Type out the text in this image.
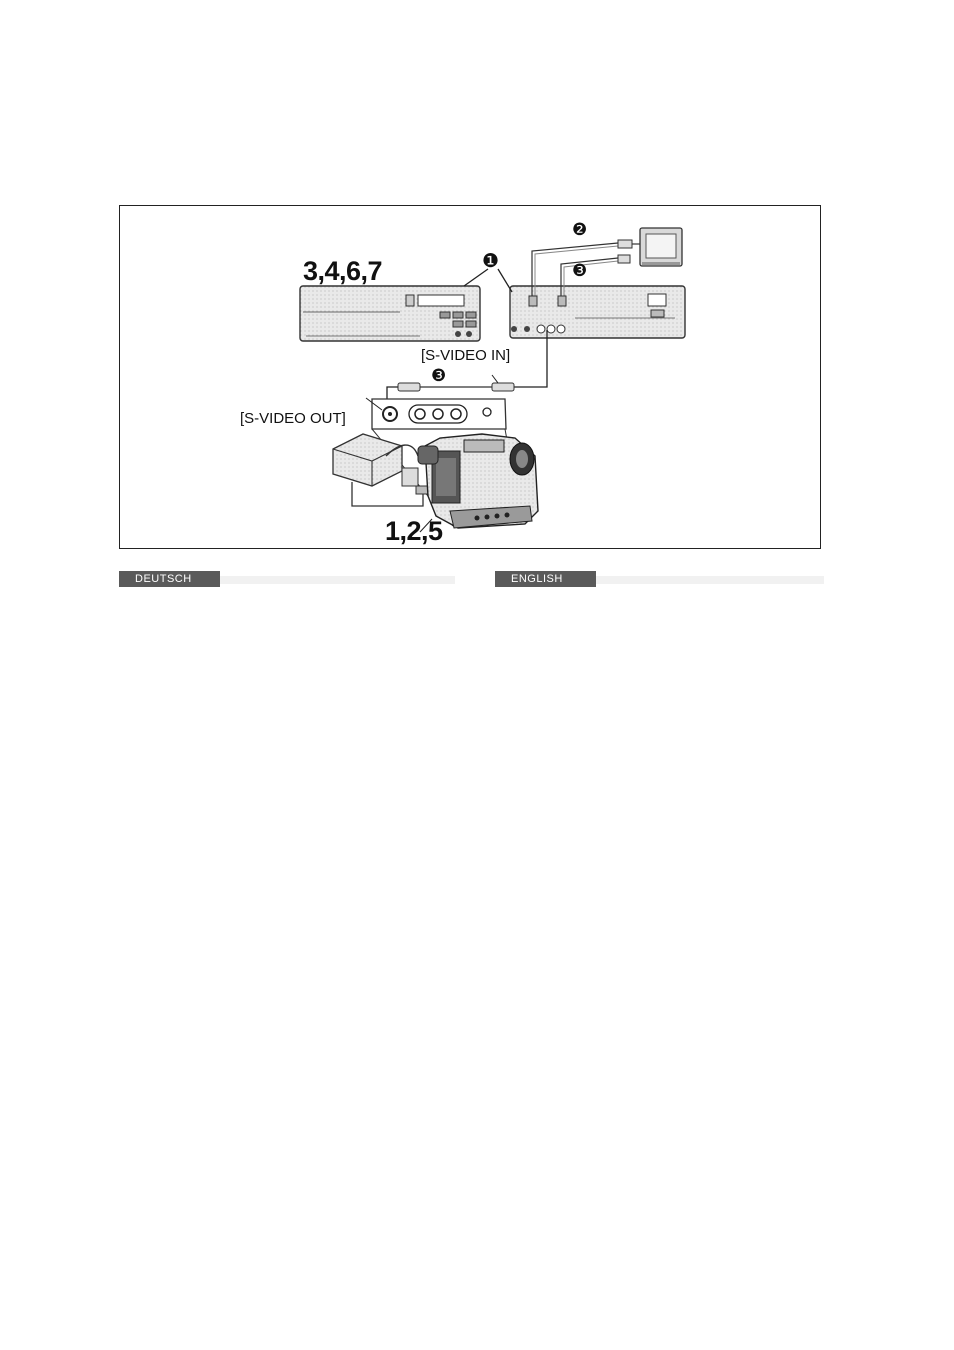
3,4,6,7
1,2,5
[S-VIDEO IN]
[S-VIDEO OUT]
❶
❷
❸
❸
DEUTSCH	ENGLISH
